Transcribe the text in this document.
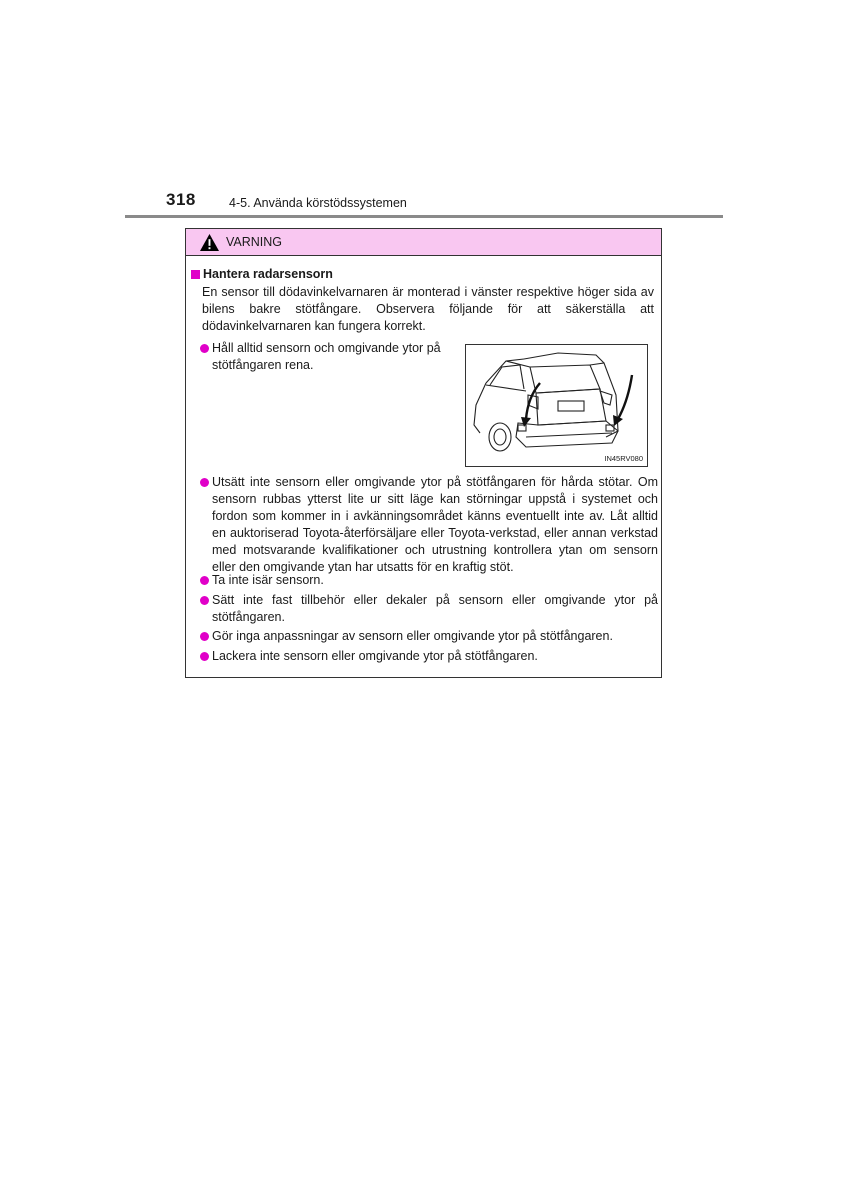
318	4-5. Använda körstödssystemen
VARNING
Hantera radarsensorn
En sensor till dödavinkelvarnaren är monterad i vänster respektive höger sida av bilens bakre stötfångare. Observera följande för att säkerställa att dödavinkelvarnaren kan fungera korrekt.
Håll alltid sensorn och omgivande ytor på stötfångaren rena.
IN45RV080
Utsätt inte sensorn eller omgivande ytor på stötfångaren för hårda stötar. Om sensorn rubbas ytterst lite ur sitt läge kan störningar uppstå i systemet och fordon som kommer in i avkänningsområdet känns eventuellt inte av. Låt alltid en auktoriserad Toyota-återförsäljare eller Toyota-verkstad, eller annan verkstad med motsvarande kvalifikationer och utrustning kontrollera ytan om sensorn eller den omgivande ytan har utsatts för en kraftig stöt.
Ta inte isär sensorn.
Sätt inte fast tillbehör eller dekaler på sensorn eller omgivande ytor på stötfångaren.
Gör inga anpassningar av sensorn eller omgivande ytor på stötfångaren.
Lackera inte sensorn eller omgivande ytor på stötfångaren.
